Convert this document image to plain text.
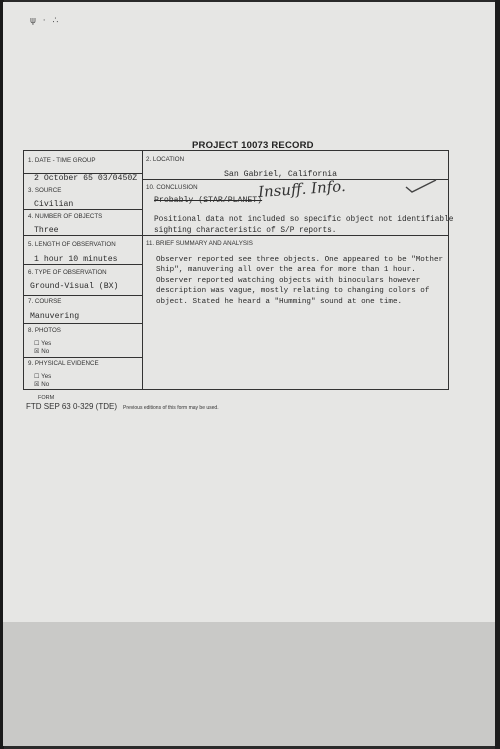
ψ · ∴
PROJECT 10073 RECORD
1. DATE - TIME GROUP
2 October 65 03/0450Z
2. LOCATION
San Gabriel, California
3. SOURCE
Civilian
10. CONCLUSION
Probably (STAR/PLANET)
4. NUMBER OF OBJECTS
Three
Positional data not included so specific object not identifiable sighting characteristic of S/P reports.
5. LENGTH OF OBSERVATION
1 hour 10 minutes
11. BRIEF SUMMARY AND ANALYSIS
Observer reported see three objects. One appeared to be "Mother Ship", manuvering all over the area for more than 1 hour. Observer reported watching objects with binoculars however description was vague, mostly relating to changing colors of object. Stated he heard a "Humming" sound at one time.
6. TYPE OF OBSERVATION
Ground-Visual (BX)
7. COURSE
Manuvering
8. PHOTOS
☐ Yes
☒ No
9. PHYSICAL EVIDENCE
☐ Yes
☒ No
Insuff. Info.
FORM
FTD SEP 63 0-329 (TDE) Previous editions of this form may be used.
